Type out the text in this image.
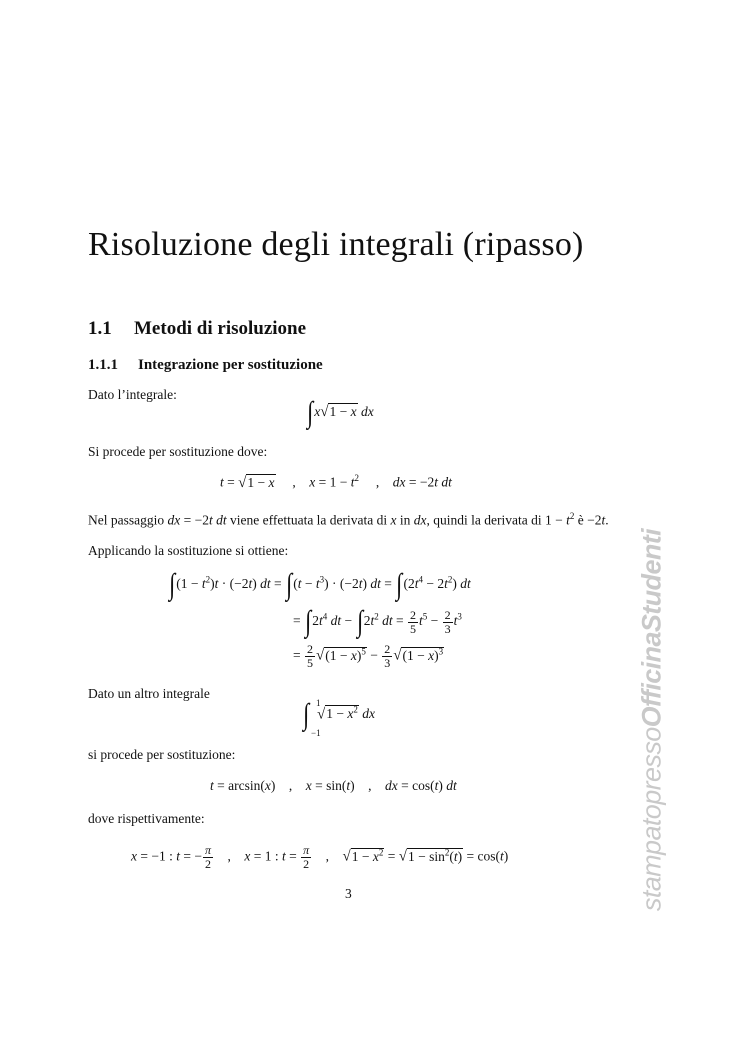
Risoluzione degli integrali (ripasso)
1.1 Metodi di risoluzione
1.1.1 Integrazione per sostituzione
Dato l’integrale:
∫x√1 − x dx
Si procede per sostituzione dove:
t = √1 − x     ,    $x = 1 - t^2$     ,    dx = −2t dt
Nel passaggio dx = −2t dt viene effettuata la derivata di x in dx, quindi la derivata di $1 - t^2$ è −2t.
Applicando la sostituzione si ottiene:
$\int(1 - t^2)t \cdot (-2t)$ dt = $\int(t - t^3) \cdot (-2t)$ dt = $\int(2t^4 - 2t^2)$ dt
= $\int 2t^4$ dt − $\int 2t^2$ dt = $\frac{2}{5} t^5 - \frac{2}{3} t^3$
= $\frac{2}{5} √(1 - x)^5 - \frac{2}{3} √(1 - x)^3$
Dato un altro integrale
∫ 1
−1
$√1 - x^2$ dx
si procede per sostituzione:
t = arcsin(x)    ,    x = sin(t)    ,    dx = cos(t) dt
dove rispettivamente:
x = −1 : t = − $\frac{\pi}{2}$ ,    x = 1 : $t = \frac{\pi}{2}$ ,    $√1 - x^2 = √1 - \sin^2(t) = \cos(t)$
3	stampatopressoOfficinaStudenti
